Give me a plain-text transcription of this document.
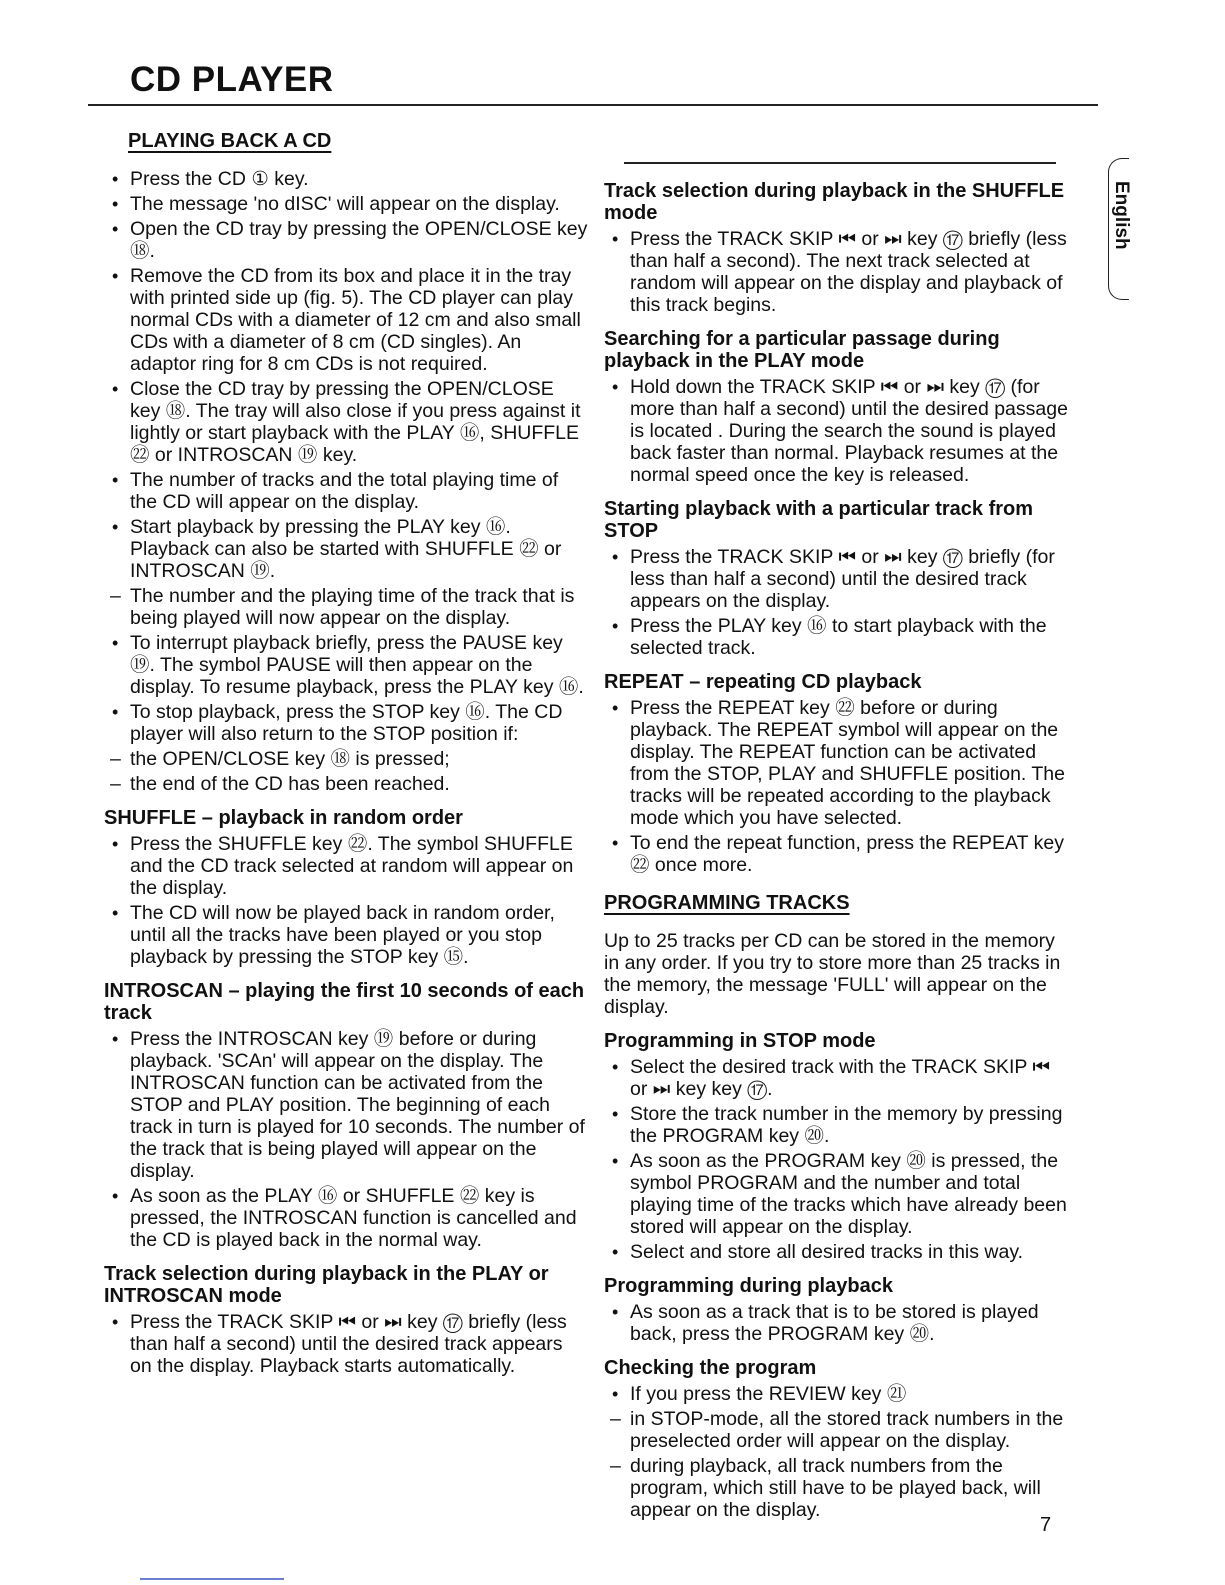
CD PLAYER
English
PLAYING BACK A CD
• Press the CD ① key.
• The message 'no dISC' will appear on the display.
• Open the CD tray by pressing the OPEN/CLOSE key ⑱.
• Remove the CD from its box and place it in the tray with printed side up (fig. 5). The CD player can play normal CDs with a diameter of 12 cm and also small CDs with a diameter of 8 cm (CD singles). An adaptor ring for 8 cm CDs is not required.
• Close the CD tray by pressing the OPEN/CLOSE key ⑱. The tray will also close if you press against it lightly or start playback with the PLAY ⑯, SHUFFLE ㉒ or INTROSCAN ⑲ key.
• The number of tracks and the total playing time of the CD will appear on the display.
• Start playback by pressing the PLAY key ⑯. Playback can also be started with SHUFFLE ㉒ or INTROSCAN ⑲.
– The number and the playing time of the track that is being played will now appear on the display.
• To interrupt playback briefly, press the PAUSE key ⑲. The symbol PAUSE will then appear on the display. To resume playback, press the PLAY key ⑯.
• To stop playback, press the STOP key ⑯. The CD player will also return to the STOP position if:
– the OPEN/CLOSE key ⑱ is pressed;
– the end of the CD has been reached.
SHUFFLE – playback in random order
• Press the SHUFFLE key ㉒. The symbol SHUFFLE and the CD track selected at random will appear on the display.
• The CD will now be played back in random order, until all the tracks have been played or you stop playback by pressing the STOP key ⑮.
INTROSCAN – playing the first 10 seconds of each track
• Press the INTROSCAN key ⑲ before or during playback. 'SCAn' will appear on the display. The INTROSCAN function can be activated from the STOP and PLAY position. The beginning of each track in turn is played for 10 seconds. The number of the track that is being played will appear on the display.
• As soon as the PLAY ⑯ or SHUFFLE ㉒ key is pressed, the INTROSCAN function is cancelled and the CD is played back in the normal way.
Track selection during playback in the PLAY or INTROSCAN mode
• Press the TRACK SKIP ⏮ or ⏭ key ⑰ briefly (less than half a second) until the desired track appears on the display. Playback starts automatically.
Track selection during playback in the SHUFFLE mode
• Press the TRACK SKIP ⏮ or ⏭ key ⑰ briefly (less than half a second). The next track selected at random will appear on the display and playback of this track begins.
Searching for a particular passage during playback in the PLAY mode
• Hold down the TRACK SKIP ⏮ or ⏭ key ⑰ (for more than half a second) until the desired passage is located . During the search the sound is played back faster than normal. Playback resumes at the normal speed once the key is released.
Starting playback with a particular track from STOP
• Press the TRACK SKIP ⏮ or ⏭ key ⑰ briefly (for less than half a second) until the desired track appears on the display.
• Press the PLAY key ⑯ to start playback with the selected track.
REPEAT – repeating CD playback
• Press the REPEAT key ㉒ before or during playback. The REPEAT symbol will appear on the display. The REPEAT function can be activated from the STOP, PLAY and SHUFFLE position. The tracks will be repeated according to the playback mode which you have selected.
• To end the repeat function, press the REPEAT key ㉒ once more.
PROGRAMMING TRACKS

Up to 25 tracks per CD can be stored in the memory in any order. If you try to store more than 25 tracks in the memory, the message 'FULL' will appear on the display.

Programming in STOP mode
• Select the desired track with the TRACK SKIP ⏮ or ⏭ key key ⑰.
• Store the track number in the memory by pressing the PROGRAM key ⑳.
• As soon as the PROGRAM key ⑳ is pressed, the symbol PROGRAM and the number and total playing time of the tracks which have already been stored will appear on the display.
• Select and store all desired tracks in this way.
Programming during playback
• As soon as a track that is to be stored is played back, press the PROGRAM key ⑳.
Checking the program
• If you press the REVIEW key ㉑
– in STOP-mode, all the stored track numbers in the preselected order will appear on the display.
– during playback, all track numbers from the program, which still have to be played back, will appear on the display.
7
